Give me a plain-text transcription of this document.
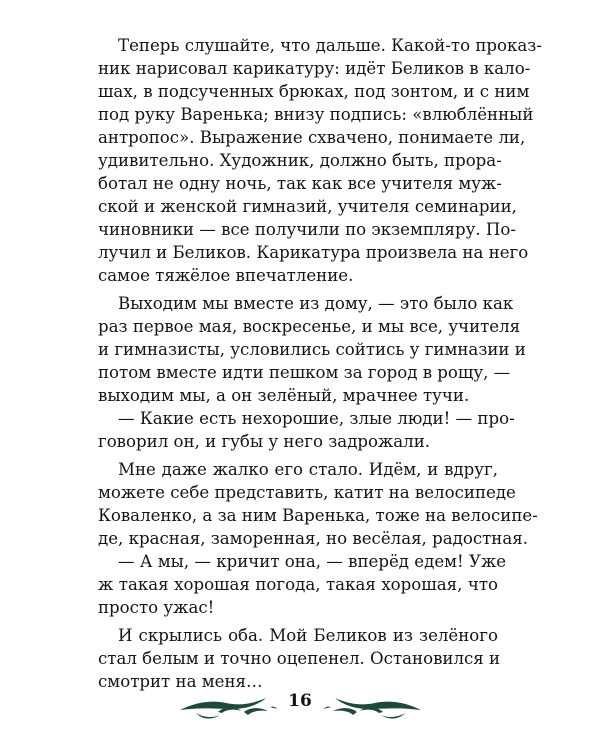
Теперь слушайте, что дальше. Какой-то проказ-
ник нарисовал карикатуру: идёт Беликов в кало-
шах, в подсученных брюках, под зонтом, и с ним
под руку Варенька; внизу подпись: «влюблённый
антропос». Выражение схвачено, понимаете ли,
удивительно. Художник, должно быть, прора-
ботал не одну ночь, так как все учителя муж-
ской и женской гимназий, учителя семинарии,
чиновники — все получили по экземпляру. По-
лучил и Беликов. Карикатура произвела на него
самое тяжёлое впечатление.
Выходим мы вместе из дому, — это было как
раз первое мая, воскресенье, и мы все, учителя
и гимназисты, условились сойтись у гимназии и
потом вместе идти пешком за город в рощу, —
выходим мы, а он зелёный, мрачнее тучи.
— Какие есть нехорошие, злые люди! — про-
говорил он, и губы у него задрожали.
Мне даже жалко его стало. Идём, и вдруг,
можете себе представить, катит на велосипеде
Коваленко, а за ним Варенька, тоже на велосипе-
де, красная, заморенная, но весёлая, радостная.
— А мы, — кричит она, — вперёд едем! Уже
ж такая хорошая погода, такая хорошая, что
просто ужас!
И скрылись оба. Мой Беликов из зелёного
стал белым и точно оцепенел. Остановился и
смотрит на меня…
16
